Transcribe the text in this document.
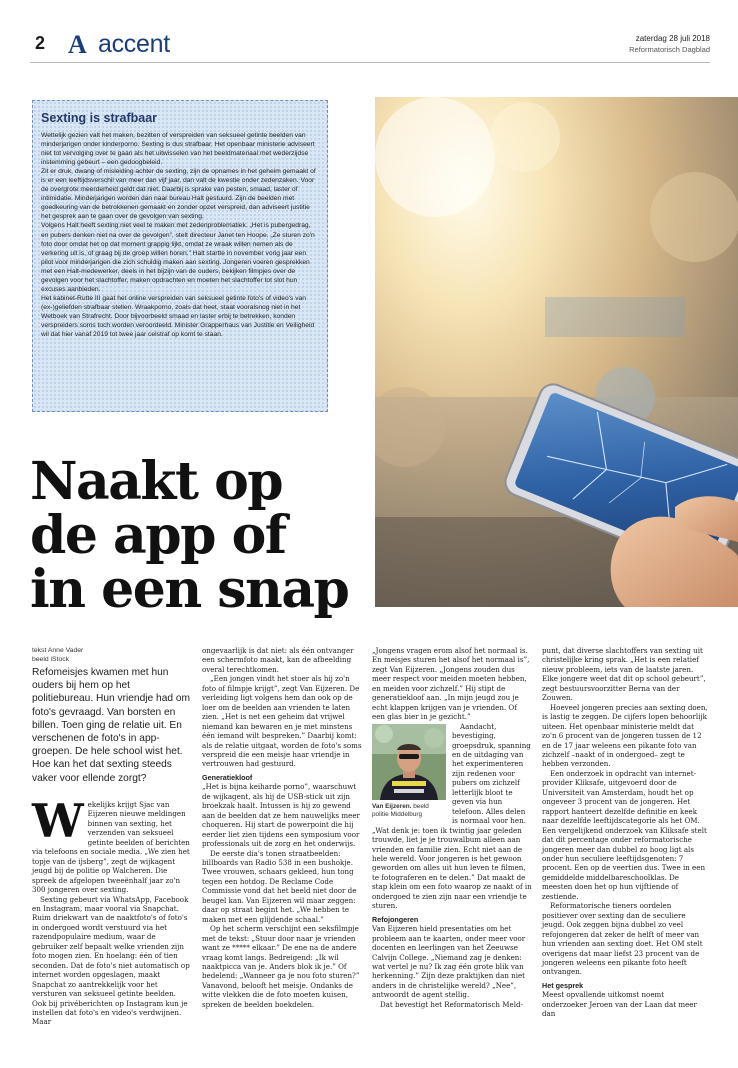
2 A accent	zaterdag 28 juli 2018
Reformatorisch Dagblad
Sexting is strafbaar

Wettelijk gezien valt het maken, bezitten of verspreiden van seksueel getinte beelden van minderjarigen onder kinderporno. Sexting is dus strafbaar. Het openbaar ministerie adviseert niet tot vervolging over te gaan als het uitwisselen van het beeldmateriaal met wederzijdse instemming gebeurt – een gedoogbeleid.

Zit er druk, dwang of misleiding achter de sexting, zijn de opnames in het geheim gemaakt of is er een leeftijdsverschil van meer dan vijf jaar, dan valt de kwestie onder zedenzaken. Voor de overgrote meerderheid geldt dat niet. Daarbij is sprake van pesten, smaad, laster of intimidatie. Minderjarigen worden dan naar bureau Halt gestuurd. Zijn de beelden met goedkeuring van de betrokkenen gemaakt en zonder opzet verspreid, dan adviseert justitie het gesprek aan te gaan over de gevolgen van sexting.

Volgens Halt heeft sexting niet veel te maken met zedenproblematiek. „Het is pubergedrag, en pubers denken niet na over de gevolgen”, stelt directeur Janet ten Hoope. „Ze sturen zo'n foto door omdat het op dat moment grappig lijkt, omdat ze wraak willen nemen als de verkering uit is, of graag bij de groep willen horen.” Halt startte in november vorig jaar een pilot voor minderjarigen die zich schuldig maken aan sexting. Jongeren voeren gesprekken met een Halt-medewerker, deels in het bijzijn van de ouders, bekijken filmpjes over de gevolgen voor het slachtoffer, maken opdrachten en moeten het slachtoffer tot slot hun excuses aanbieden.

Het kabinet-Rutte III gaat het online verspreiden van seksueel getinte foto's of video's van (ex-)geliefden strafbaar stellen. Wraakporno, zoals dat heet, staat vooralsnog niet in het Wetboek van Strafrecht. Door bijvoorbeeld smaad en laster erbij te betrekken, konden verspreiders soms toch worden veroordeeld. Minister Grapperhaus van Justitie en Veiligheid wil dat hier vanaf 2019 tot twee jaar celstraf op komt te staan.

Naakt op
de app of
in een snap
tekst Anne Vader
beeld iStock
Refomeisjes kwamen met hun ouders bij hem op het politiebureau. Hun vriendje had om foto's gevraagd. Van borsten en billen. Toen ging de relatie uit. En verschenen de foto's in app-groepen. De hele school wist het. Hoe kan het dat sexting steeds vaker voor ellende zorgt?

Wekelijks krijgt Sjac van Eijzeren nieuwe meldingen binnen van sexting, het verzenden van seksueel getinte beelden of berichten via telefoons en sociale media. „We zien het topje van de ijsberg”, zegt de wijkagent jeugd bij de politie op Walcheren. Die spreek de afgelopen tweeënhalf jaar zo'n 300 jongeren over sexting.

Sexting gebeurt via WhatsApp, Facebook en Instagram, maar vooral via Snapchat. Ruim driekwart van de naaktfoto's of foto's in ondergoed wordt verstuurd via het razendpopulaire medium, waar de gebruiker zelf bepaalt welke vrienden zijn foto mogen zien. En hoelang: één of tien seconden. Dat de foto's niet automatisch op internet worden opgeslagen, maakt Snapchat zo aantrekkelijk voor het versturen van seksueel getinte beelden. Ook bij privéberichten op Instagram kun je instellen dat foto's en video's verdwijnen. Maar

ongevaarlijk is dat niet: als één ontvanger een schermfoto maakt, kan de afbeelding overal terechtkomen.

„Een jongen vindt het stoer als hij zo'n foto of filmpje krijgt”, zegt Van Eijzeren. De verleiding ligt volgens hem dan ook op de loer om de beelden aan vrienden te laten zien. „Het is net een geheim dat vrijwel niemand kan bewaren en je met minstens één iemand wilt bespreken.” Daarbij komt: als de relatie uitgaat, worden de foto's soms verspreid die een meisje haar vriendje in vertrouwen had gestuurd.

Generatiekloof

„Het is bijna keiharde porno”, waarschuwt de wijkagent, als hij de USB-stick uit zijn broekzak haalt. Intussen is hij zo gewend aan de beelden dat ze hem nauwelijks meer choqueren. Hij start de powerpoint die hij eerder liet zien tijdens een symposium voor professionals uit de zorg en het onderwijs.

De eerste dia's tonen straatbeelden: billboards van Radio 538 in een bushokje. Twee vrouwen, schaars gekleed, hun tong tegen een hotdog. De Reclame Code Commissie vond dat het beeld niet door de beugel kan. Van Eijzeren wil maar zeggen: daar op straat begint het. „We hebben te maken met een glijdende schaal.”

Op het scherm verschijnt een seksfilmpje met de tekst: „Stuur door naar je vrienden want ze ***** elkaar.” De ene na de andere vraag komt langs. Bedreigend: „Ik wil naaktpicca van je. Anders blok ik je.” Of bedelend: „Wanneer ga je nou foto sturen?” Vanavond, belooft het meisje. Ondanks de witte vlekken die de foto moeten kuisen, spreken de beelden boekdelen.

„Jongens vragen erom alsof het normaal is. En meisjes sturen het alsof het normaal is”, zegt Van Eijzeren. „Jongens zouden dus meer respect voor meiden moeten hebben, en meiden voor zichzelf.” Hij stipt de generatiekloof aan. „In mijn jeugd zou je echt klappen krijgen van je vrienden. Of een glas bier in je gezicht.”

Van Eijzeren. beeld politie Middelburg

Aandacht, bevestiging, groepsdruk, spanning en de uitdaging van het experimenteren zijn redenen voor pubers om zichzelf letterlijk bloot te geven via hun telefoon. Alles delen is normaal voor hen. „Wat denk je: toen ik twintig jaar geleden trouwde, liet je je trouwalbum alleen aan vrienden en familie zien. Echt niet aan de hele wereld. Voor jongeren is het gewoon geworden om alles uit hun leven te filmen, te fotograferen en te delen.” Dat maakt de stap klein om een foto waarop ze naakt of in ondergoed te zien zijn naar een vriendje te sturen.

Refojongeren

Van Eijzeren hield presentaties om het probleem aan te kaarten, onder meer voor docenten en leerlingen van het Zeeuwse Calvijn College. „Niemand zag je denken: wat vertel je nu? Ik zag één grote blik van herkenning.” Zijn deze praktijken dan niet anders in de christelijke wereld? „Nee”, antwoordt de agent stellig.

Dat bevestigt het Reformatorisch Meld-

punt, dat diverse slachtoffers van sexting uit christelijke kring sprak. „Het is een relatief nieuw probleem, iets van de laatste jaren. Elke jongere weet dat dit op school gebeurt”, zegt bestuursvoorzitter Berna van der Zouwen.

Hoeveel jongeren precies aan sexting doen, is lastig te zeggen. De cijfers lopen behoorlijk uiteen. Het openbaar ministerie meldt dat zo'n 6 procent van de jongeren tussen de 12 en de 17 jaar weleens een pikante foto van zichzelf –naakt of in ondergoed– zegt te hebben verzonden.

Een onderzoek in opdracht van internet-provider Kliksafe, uitgevoerd door de Universiteit van Amsterdam, houdt het op ongeveer 3 procent van de jongeren. Het rapport hanteert dezelfde definitie en keek naar dezelfde leeftijdscategorie als het OM. Een vergelijkend onderzoek van Kliksafe stelt dat dit percentage onder reformatorische jongeren meer dan dubbel zo hoog ligt als onder hun seculiere leeftijdsgenoten: 7 procent. Een op de veertien dus. Twee in een gemiddelde middelbareschoolklas. De meesten doen het op hun vijftiende of zestiende.

Reformatorische tieners oordelen positiever over sexting dan de seculiere jeugd. Ook zeggen bijna dubbel zo veel refojongeren dat zeker de helft of meer van hun vrienden aan sexting doet. Het OM stelt overigens dat maar liefst 23 procent van de jongeren weleens een pikante foto heeft ontvangen.

Het gesprek

Meest opvallende uitkomst noemt onderzoeker Jeroen van der Laan dat meer dan
